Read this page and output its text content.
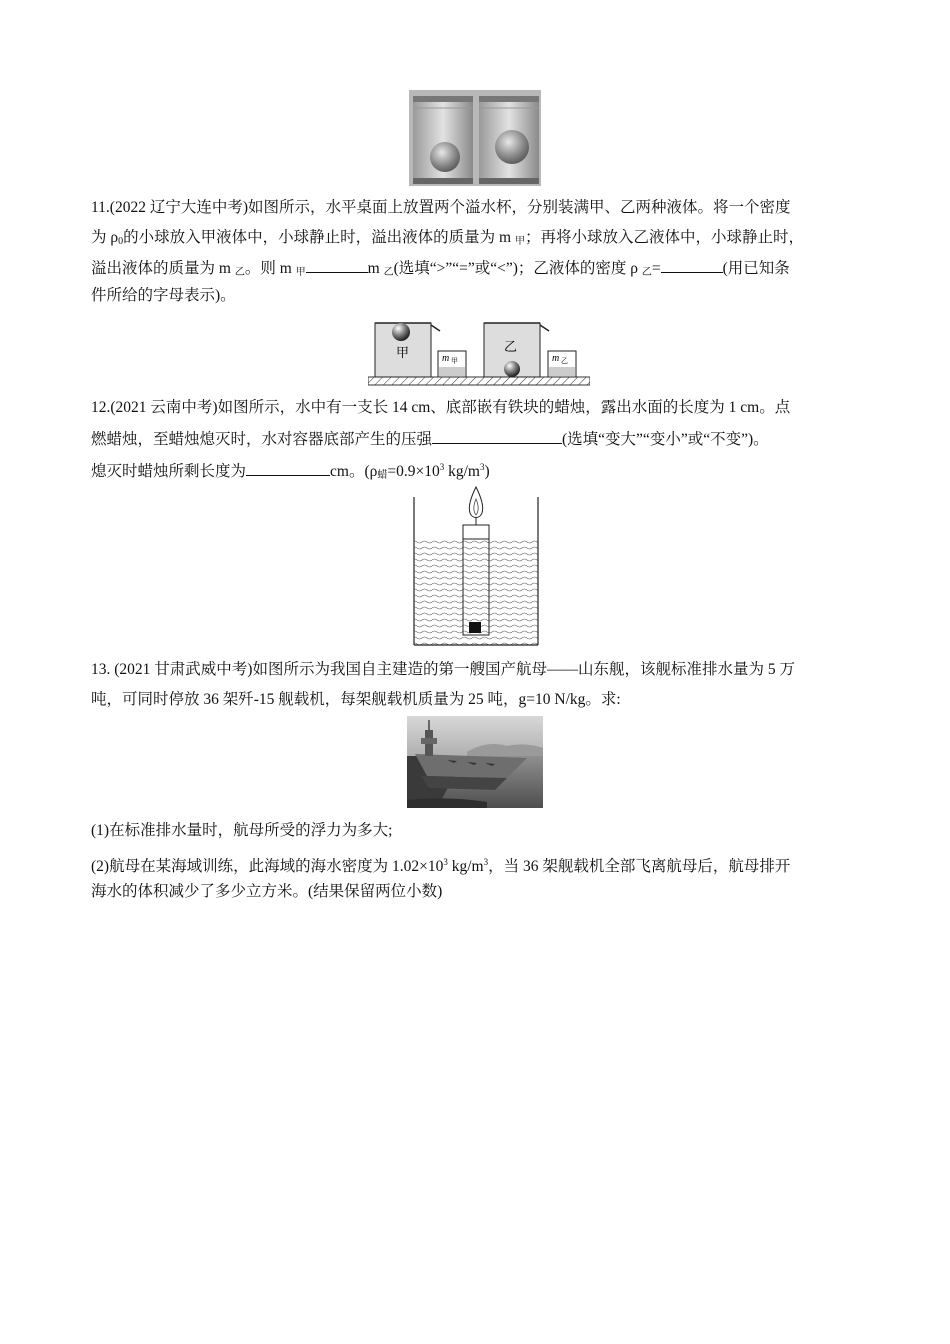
11.(2022 辽宁大连中考)如图所示，水平桌面上放置两个溢水杯，分别装满甲、乙两种液体。将一个密度
为 $\rho_0$的小球放入甲液体中，小球静止时，溢出液体的质量为 m $_甲$；再将小球放入乙液体中，小球静止时，
溢出液体的质量为 m $_乙$。则 m $_甲$	m $_乙$(选填“>”“=”或“<”)；乙液体的密度 ρ $_乙$=	(用已知条
件所给的字母表示)。
甲	m 甲
乙
m 乙
12.(2021 云南中考)如图所示，水中有一支长 14 cm、底部嵌有铁块的蜡烛，露出水面的长度为 1 cm。点
燃蜡烛，至蜡烛熄灭时，水对容器底部产生的压强	(选填“变大”“变小”或“不变”)。
熄灭时蜡烛所剩长度为	cm。($\rho_蜡=0.9\times 10^3$ $kg/m^3$)
13. (2021 甘肃武威中考)如图所示为我国自主建造的第一艘国产航母——山东舰，该舰标准排水量为 5 万
吨，可同时停放 36 架歼-15 舰载机，每架舰载机质量为 25 吨，g=10 N/kg。求:
(1)在标准排水量时，航母所受的浮力为多大;
(2)航母在某海域训练，此海域的海水密度为 $1.02\times 10^3$ $kg/m^3$，当 36 架舰载机全部飞离航母后，航母排开
海水的体积减少了多少立方米。(结果保留两位小数)
